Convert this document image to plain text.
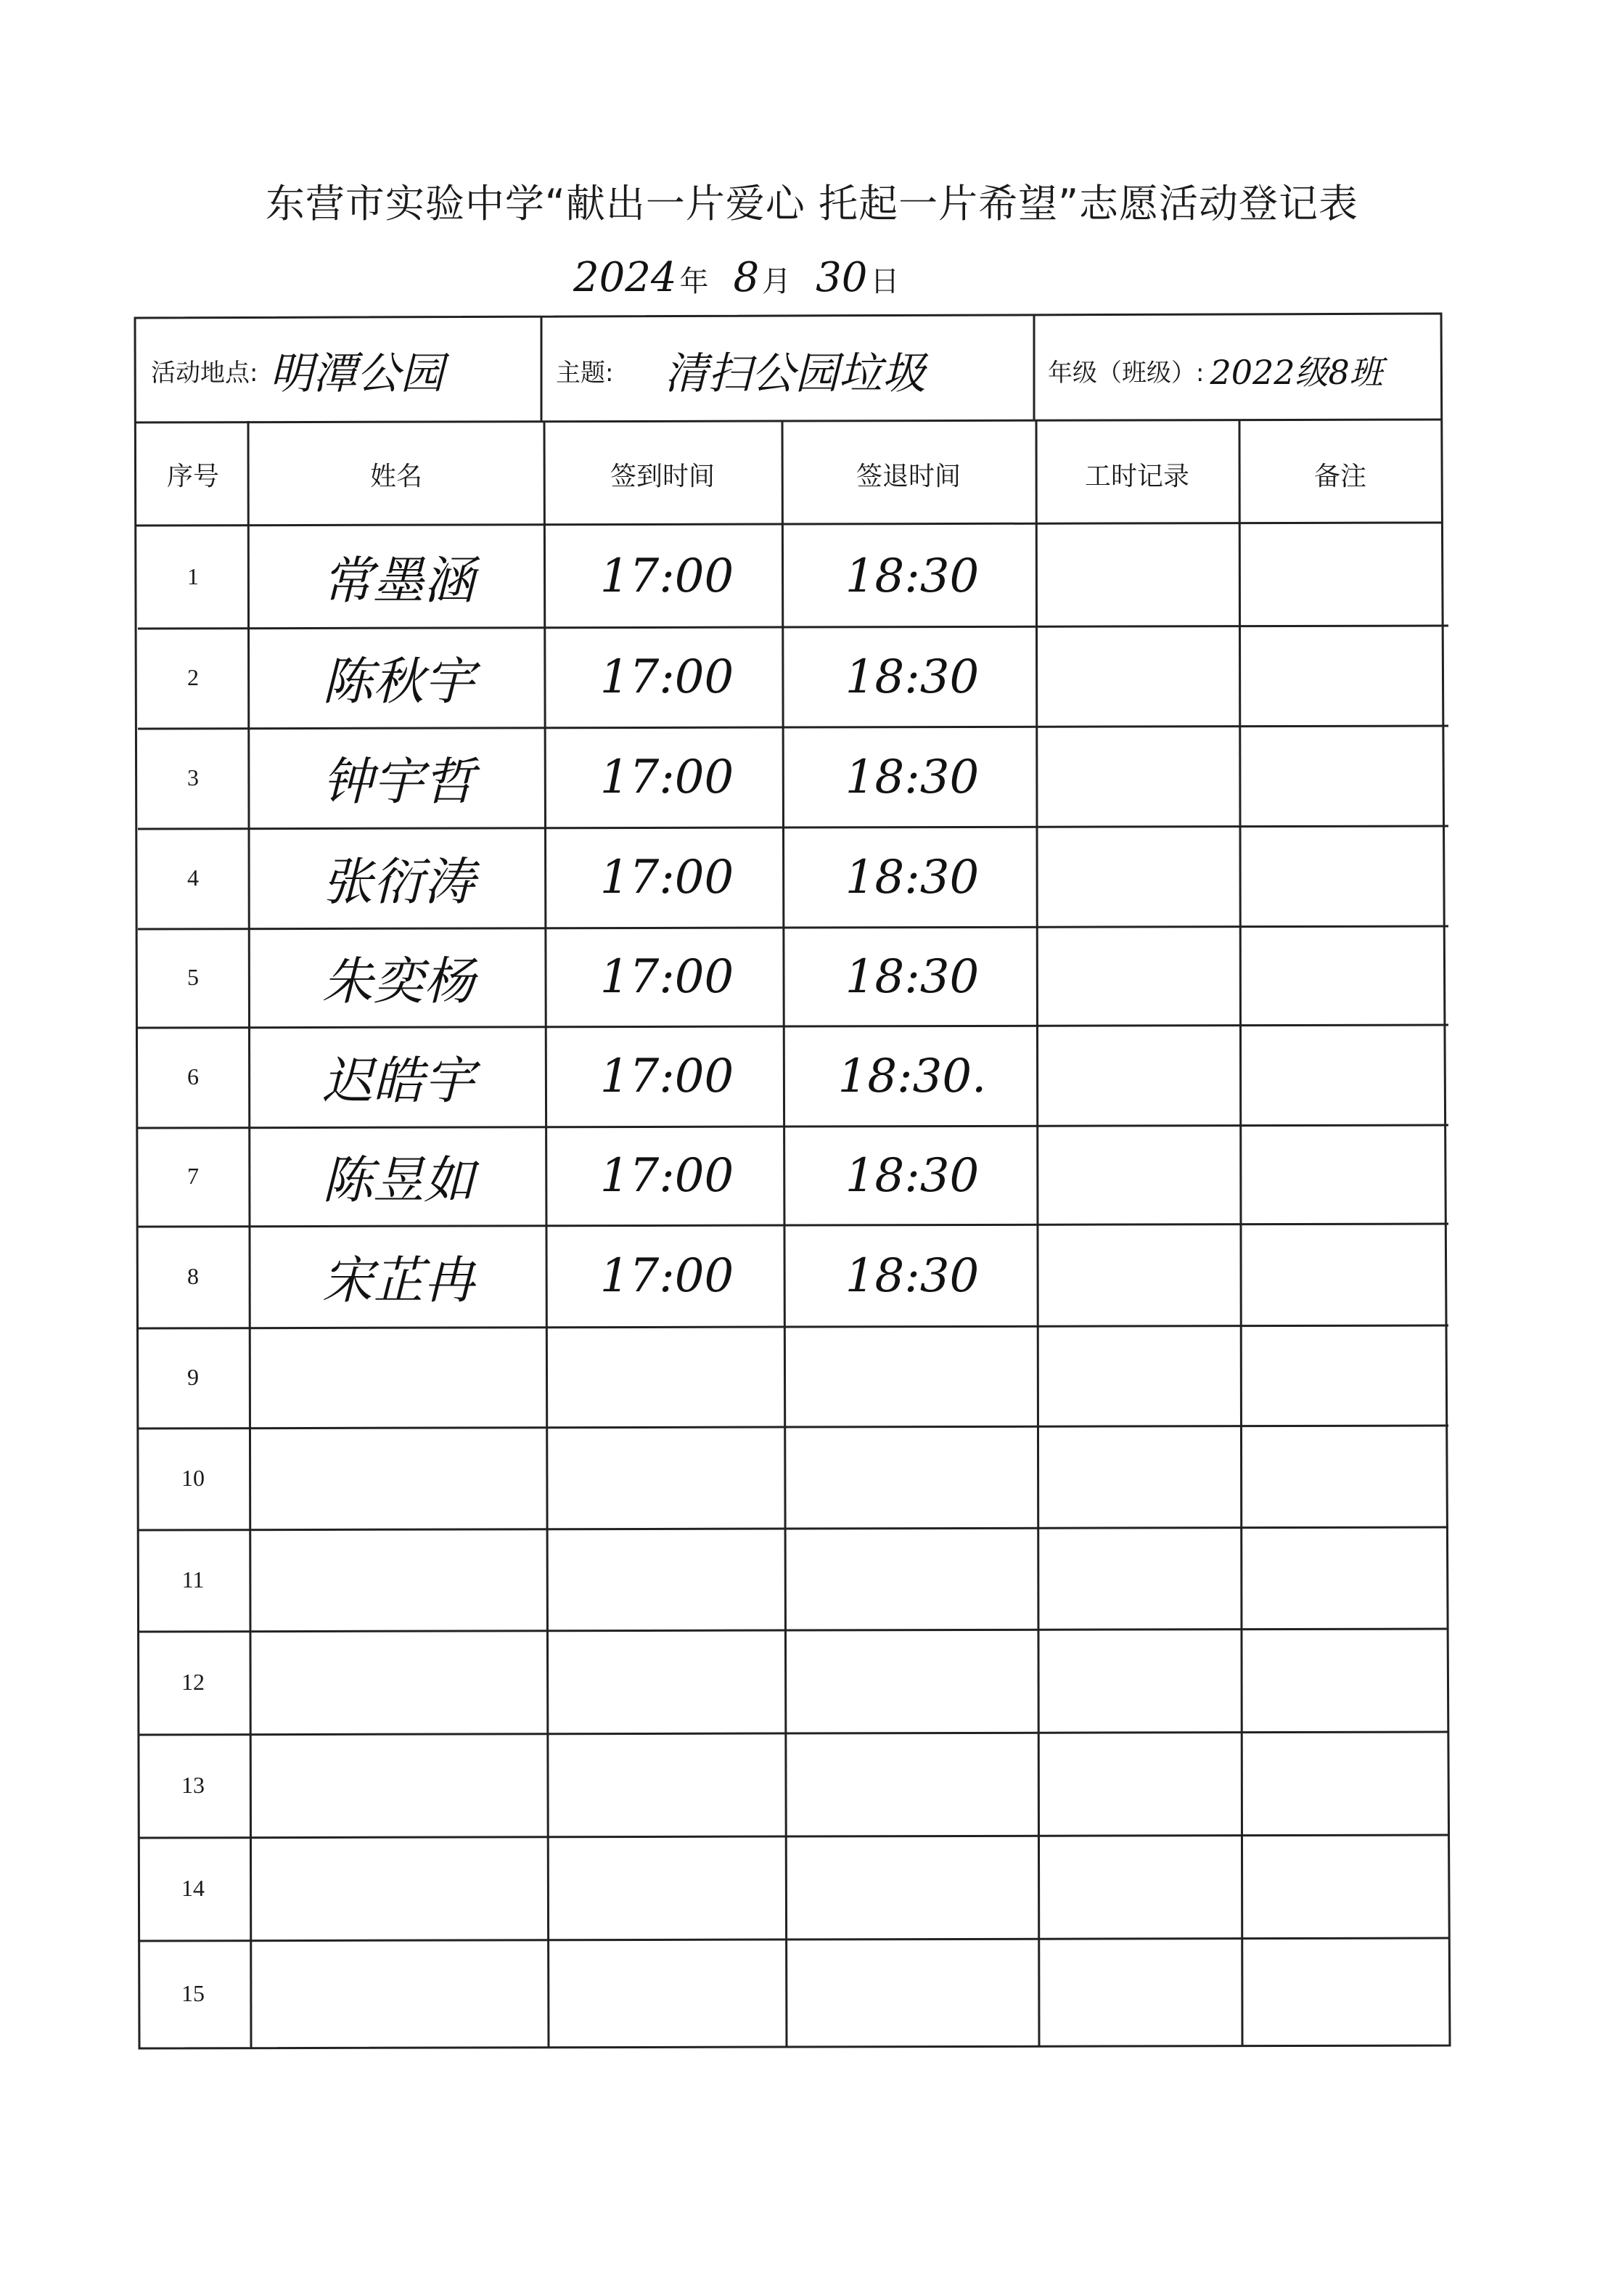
东营市实验中学“献出一片爱心 托起一片希望”志愿活动登记表
2024 年 8 月 30 日
活动地点: 明潭公园	主题: 清扫公园垃圾	年级（班级）: 2022级8班
序号	姓名	签到时间	签退时间	工时记录	备注
1	常墨涵	17:00	18:30
2	陈秋宇	17:00	18:30
3	钟宇哲	17:00	18:30
4	张衍涛	17:00	18:30
5	朱奕杨	17:00	18:30
6	迟皓宇	17:00	18:30.
7	陈昱如	17:00	18:30
8	宋芷冉	17:00	18:30
9
10
11
12
13
14
15
